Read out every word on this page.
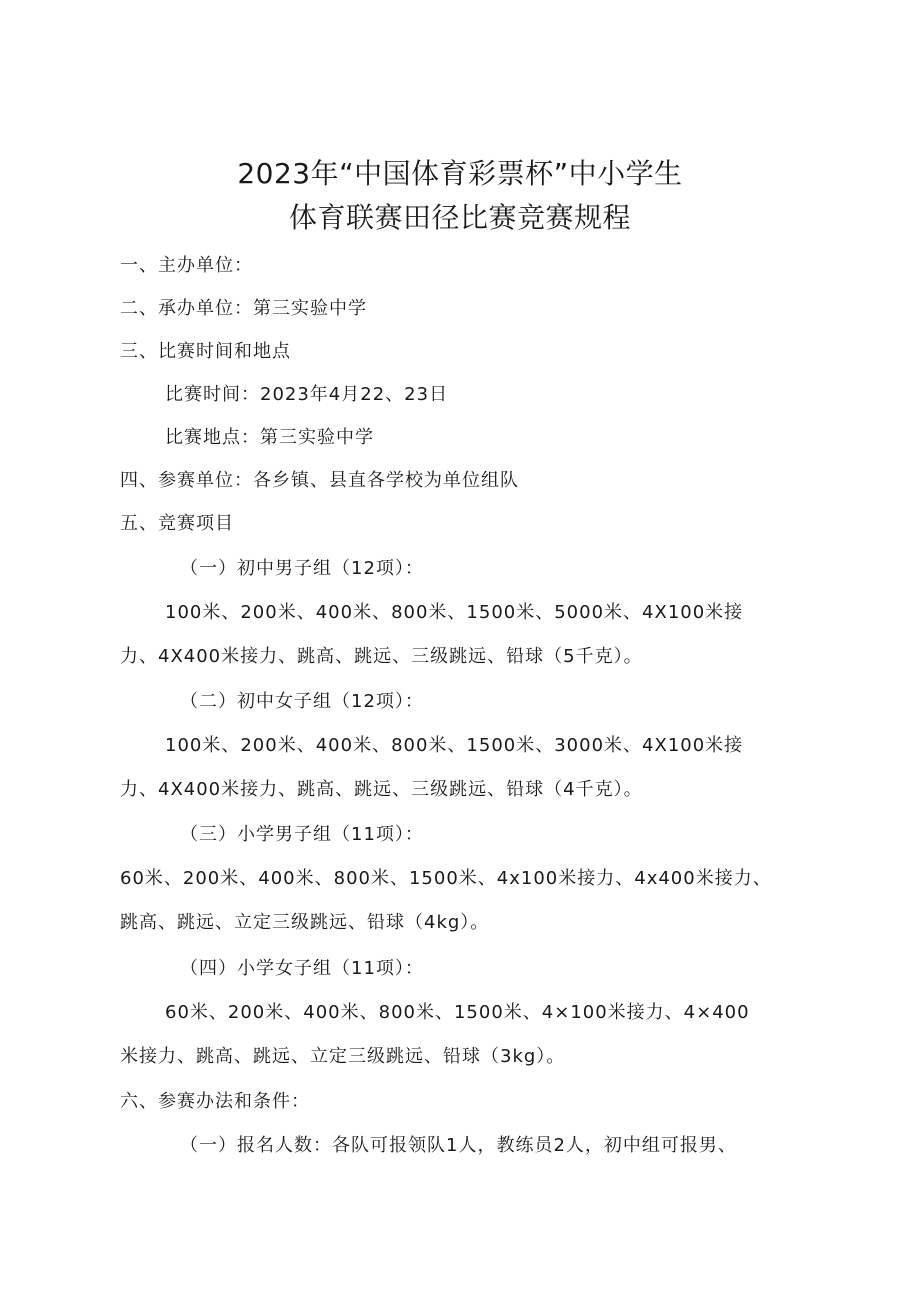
2023年“中国体育彩票杯”中小学生
体育联赛田径比赛竞赛规程
一、主办单位：
二、承办单位：第三实验中学
三、比赛时间和地点
比赛时间：2023年4月22、23日
比赛地点：第三实验中学
四、参赛单位：各乡镇、县直各学校为单位组队
五、竞赛项目
（一）初中男子组（12项）：
100米、200米、400米、800米、1500米、5000米、4X100米接
力、4X400米接力、跳高、跳远、三级跳远、铅球（5千克）。
（二）初中女子组（12项）：
100米、200米、400米、800米、1500米、3000米、4X100米接
力、4X400米接力、跳高、跳远、三级跳远、铅球（4千克）。
（三）小学男子组（11项）：
60米、200米、400米、800米、1500米、4x100米接力、4x400米接力、
跳高、跳远、立定三级跳远、铅球（4kg）。
（四）小学女子组（11项）：
60米、200米、400米、800米、1500米、4×100米接力、4×400
米接力、跳高、跳远、立定三级跳远、铅球（3kg）。
六、参赛办法和条件：
（一）报名人数：各队可报领队1人，教练员2人，初中组可报男、
